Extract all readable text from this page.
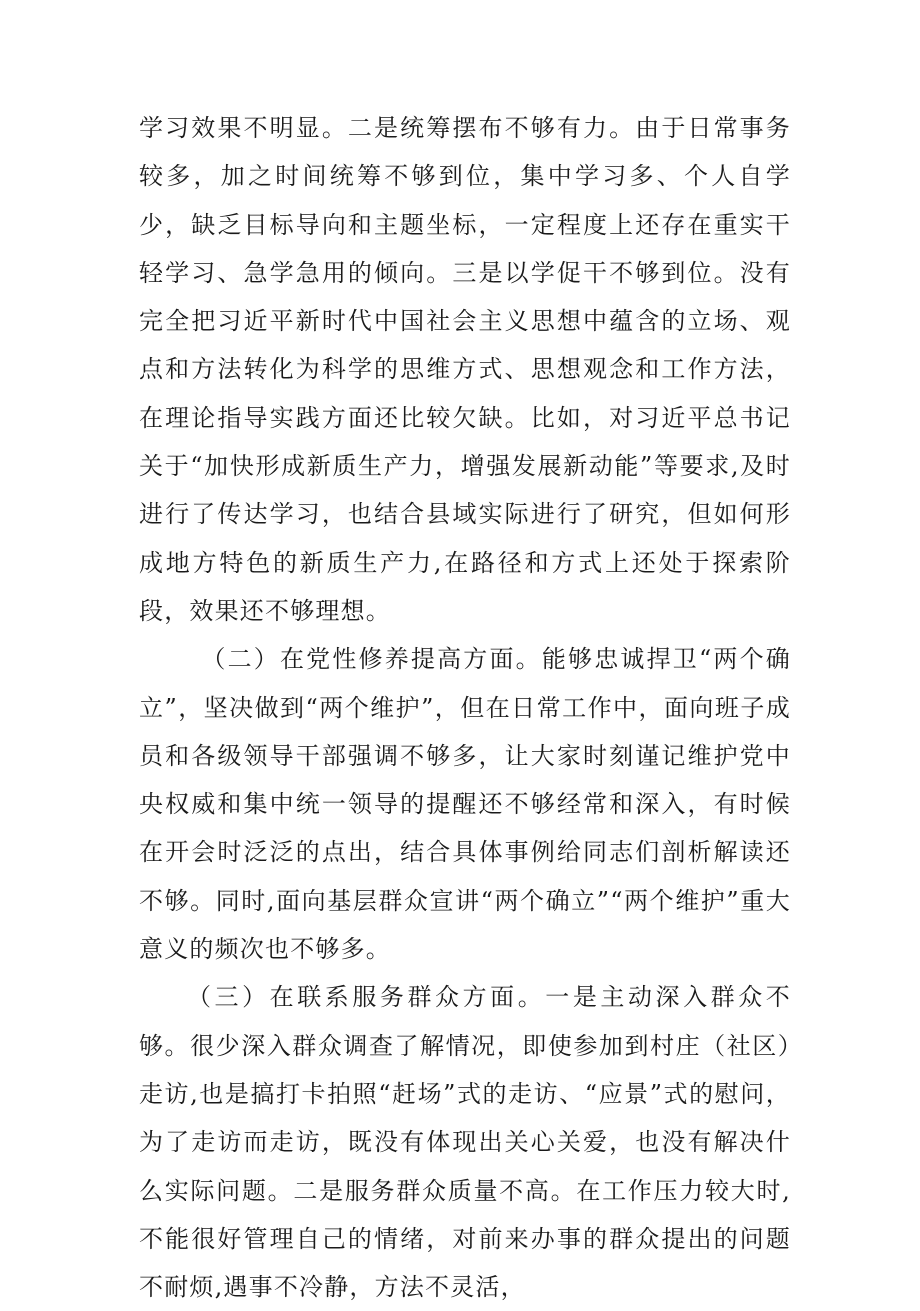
学习效果不明显。二是统筹摆布不够有力。由于日常事务较多，加之时间统筹不够到位，集中学习多、个人自学少，缺乏目标导向和主题坐标，一定程度上还存在重实干轻学习、急学急用的倾向。三是以学促干不够到位。没有完全把习近平新时代中国社会主义思想中蕴含的立场、观点和方法转化为科学的思维方式、思想观念和工作方法，在理论指导实践方面还比较欠缺。比如，对习近平总书记关于“加快形成新质生产力，增强发展新动能”等要求,及时进行了传达学习，也结合县域实际进行了研究，但如何形成地方特色的新质生产力,在路径和方式上还处于探索阶段，效果还不够理想。

（二）在党性修养提高方面。能够忠诚捍卫“两个确立”，坚决做到“两个维护”，但在日常工作中，面向班子成员和各级领导干部强调不够多，让大家时刻谨记维护党中央权威和集中统一领导的提醒还不够经常和深入，有时候在开会时泛泛的点出，结合具体事例给同志们剖析解读还不够。同时,面向基层群众宣讲“两个确立”“两个维护”重大意义的频次也不够多。

（三）在联系服务群众方面。一是主动深入群众不够。很少深入群众调查了解情况，即使参加到村庄（社区）走访,也是搞打卡拍照“赶场”式的走访、“应景”式的慰问，为了走访而走访，既没有体现出关心关爱，也没有解决什么实际问题。二是服务群众质量不高。在工作压力较大时,不能很好管理自己的情绪，对前来办事的群众提出的问题不耐烦,遇事不冷静，方法不灵活，
